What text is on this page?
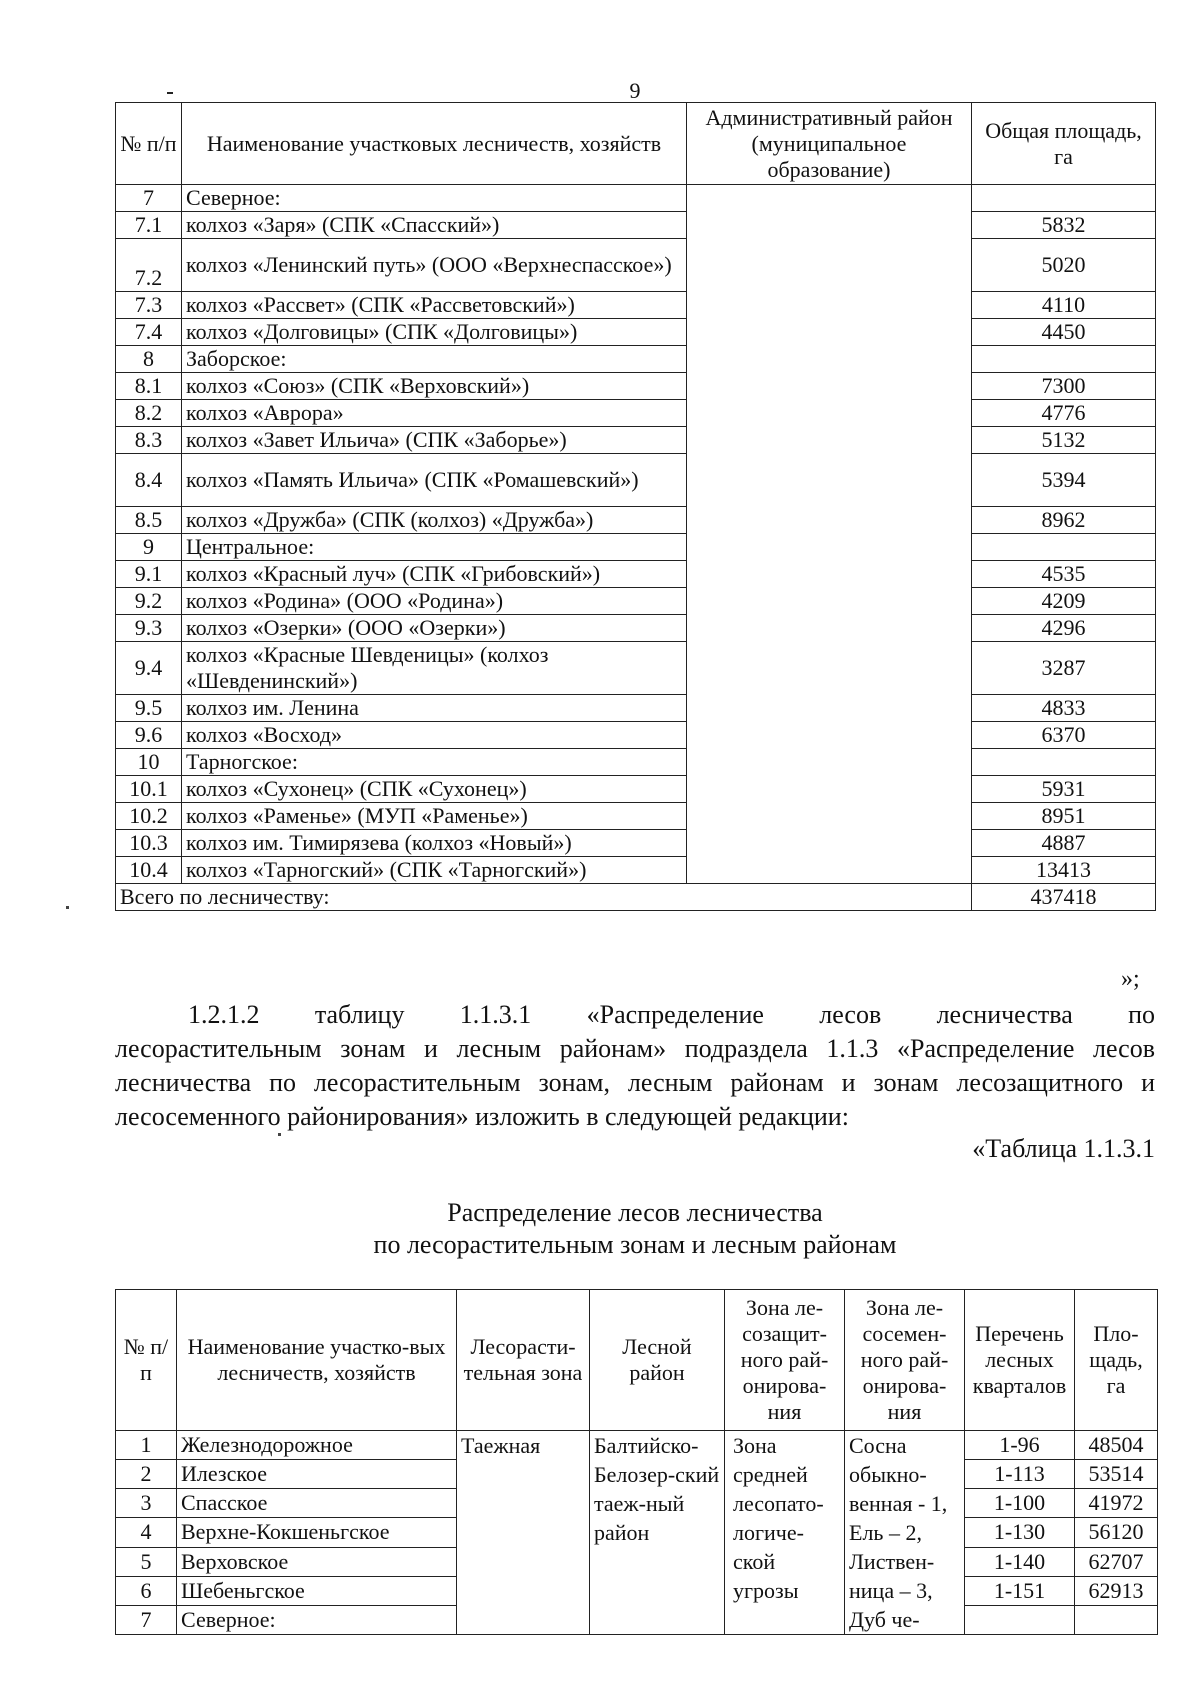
9
№ п/п	Наименование участковых лесничеств, хозяйств	Административный район (муниципальное образование)	Общая площадь, га
7	Северное:		
7.1	колхоз «Заря» (СПК «Спасский»)		5832
7.2	колхоз «Ленинский путь» (ООО «Верхнеспасское»)		5020
7.3	колхоз «Рассвет» (СПК «Рассветовский»)		4110
7.4	колхоз «Долговицы» (СПК «Долговицы»)		4450
8	Заборское:		
8.1	колхоз «Союз» (СПК «Верховский»)		7300
8.2	колхоз «Аврора»		4776
8.3	колхоз «Завет Ильича» (СПК «Заборье»)		5132
8.4	колхоз «Память Ильича» (СПК «Ромашевский»)		5394
8.5	колхоз «Дружба» (СПК (колхоз) «Дружба»)		8962
9	Центральное:		
9.1	колхоз «Красный луч» (СПК «Грибовский»)		4535
9.2	колхоз «Родина» (ООО «Родина»)		4209
9.3	колхоз «Озерки» (ООО «Озерки»)		4296
9.4	колхоз «Красные Шевденицы» (колхоз «Шевденинский»)		3287
9.5	колхоз им. Ленина		4833
9.6	колхоз «Восход»		6370
10	Тарногское:		
10.1	колхоз «Сухонец» (СПК «Сухонец»)		5931
10.2	колхоз «Раменье» (МУП «Раменье»)		8951
10.3	колхоз им. Тимирязева (колхоз «Новый»)		4887
10.4	колхоз «Тарногский» (СПК «Тарногский»)		13413
Всего по лесничеству:			437418
»;
1.2.1.2 таблицу 1.1.3.1 «Распределение лесов лесничества по
лесорастительным зонам и лесным районам» подраздела 1.1.3 «Распределение лесов лесничества по лесорастительным зонам, лесным районам и зонам лесозащитного и лесосеменного районирования» изложить в следующей редакции:
«Таблица 1.1.3.1
Распределение лесов лесничества
по лесорастительным зонам и лесным районам
№ п/п	Наименование участко-вых лесничеств, хозяйств	Лесорасти-тельная зона	Лесной район	Зона ле-созащит-ного рай-онирова-ния	Зона ле-сосемен-ного рай-онирова-ния	Перечень лесных кварталов	Пло-щадь, га
1	Железнодорожное	Таежная	Балтийско-Белозер-ский таеж-ный район	Зона средней лесопато-логиче-ской угрозы	Сосна обыкно-венная - 1, Ель – 2, Листвен-ница – 3, Дуб че-	1-96	48504
2	Илезское					1-113	53514
3	Спасское					1-100	41972
4	Верхне-Кокшеньгское					1-130	56120
5	Верховское					1-140	62707
6	Шебеньгское					1-151	62913
7	Северное:						
